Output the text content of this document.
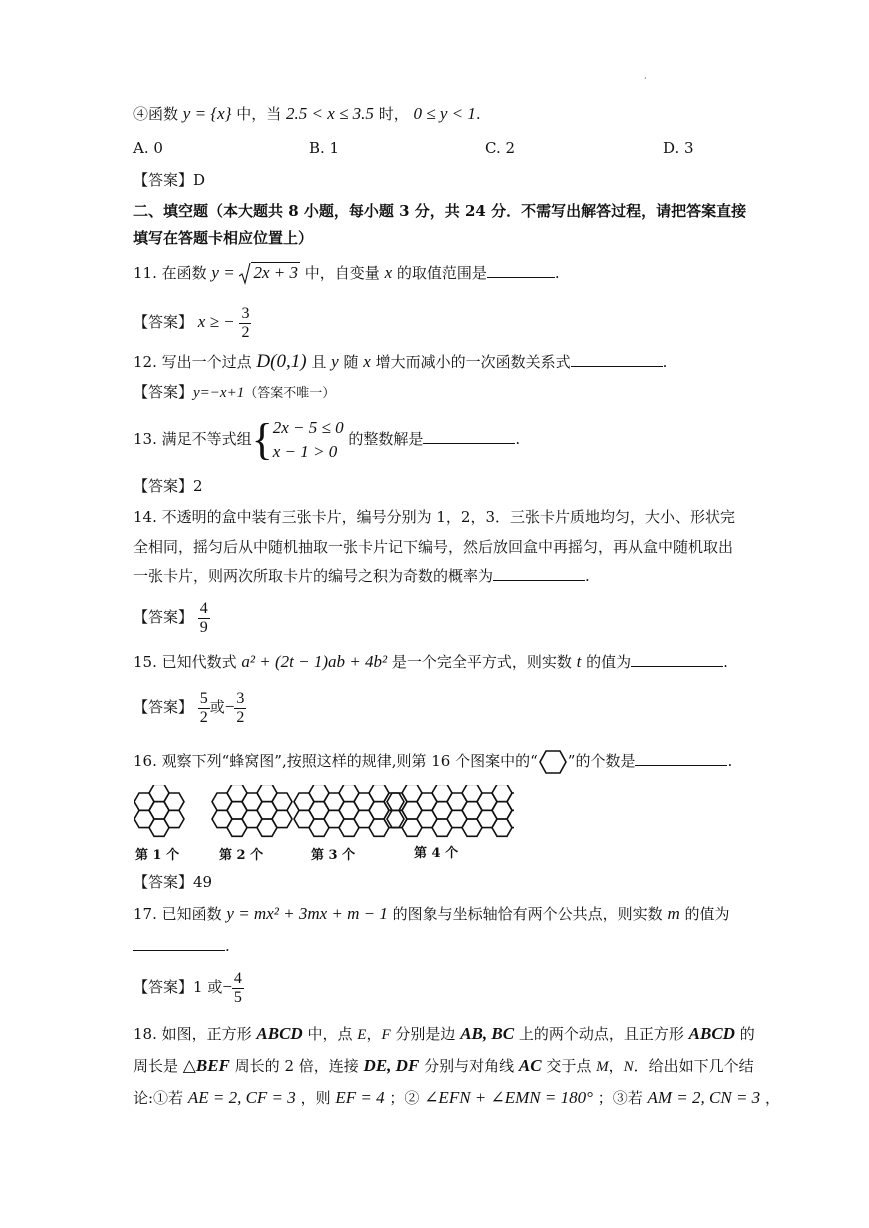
·
④函数 y = {x} 中，当 2.5 < x ≤ 3.5 时， 0 ≤ y < 1.
A. 0	B. 1	C. 2	D. 3
【答案】D
二、填空题（本大题共 8 小题，每小题 3 分，共 24 分．不需写出解答过程，请把答案直接
填写在答题卡相应位置上）
11. 在函数 y = 2x + 3 中，自变量 x 的取值范围是	.
【答案】 x ≥ − $\frac{3}{2}$
12. 写出一个过点 D(0,1) 且 y 随 x 增大而减小的一次函数关系式	.
【答案】y=−x+1（答案不唯一）
13. 满足不等式组{ 2x − 5 ≤ 0
x − 1 > 0
的整数解是	.
【答案】2
14. 不透明的盒中装有三张卡片，编号分别为 1，2，3．三张卡片质地均匀，大小、形状完
全相同，摇匀后从中随机抽取一张卡片记下编号，然后放回盒中再摇匀，再从盒中随机取出
一张卡片，则两次所取卡片的编号之积为奇数的概率为	.
【答案】 $\frac{4}{9}$
15. 已知代数式 a² + (2t − 1)ab + 4b² 是一个完全平方式，则实数 t 的值为	.
【答案】 $\frac{5}{2}$ 或− $\frac{3}{2}$
16. 观察下列“蜂窝图”,按照这样的规律,则第 16 个图案中的“ ”的个数是	.
第 1 个	第 2 个	第 3 个	第 4 个
【答案】49
17. 已知函数 y = mx² + 3mx + m − 1 的图象与坐标轴恰有两个公共点，则实数 m 的值为
.
【答案】1 或− $\frac{4}{5}$
18. 如图，正方形 ABCD 中，点 E，F 分别是边 AB, BC 上的两个动点，且正方形 ABCD 的
周长是 △BEF 周长的 2 倍，连接 DE, DF 分别与对角线 AC 交于点 M，N．给出如下几个结
论:①若 AE = 2, CF = 3 ，则 EF = 4 ；② ∠EFN + ∠EMN = 180° ；③若 AM = 2, CN = 3 ，
